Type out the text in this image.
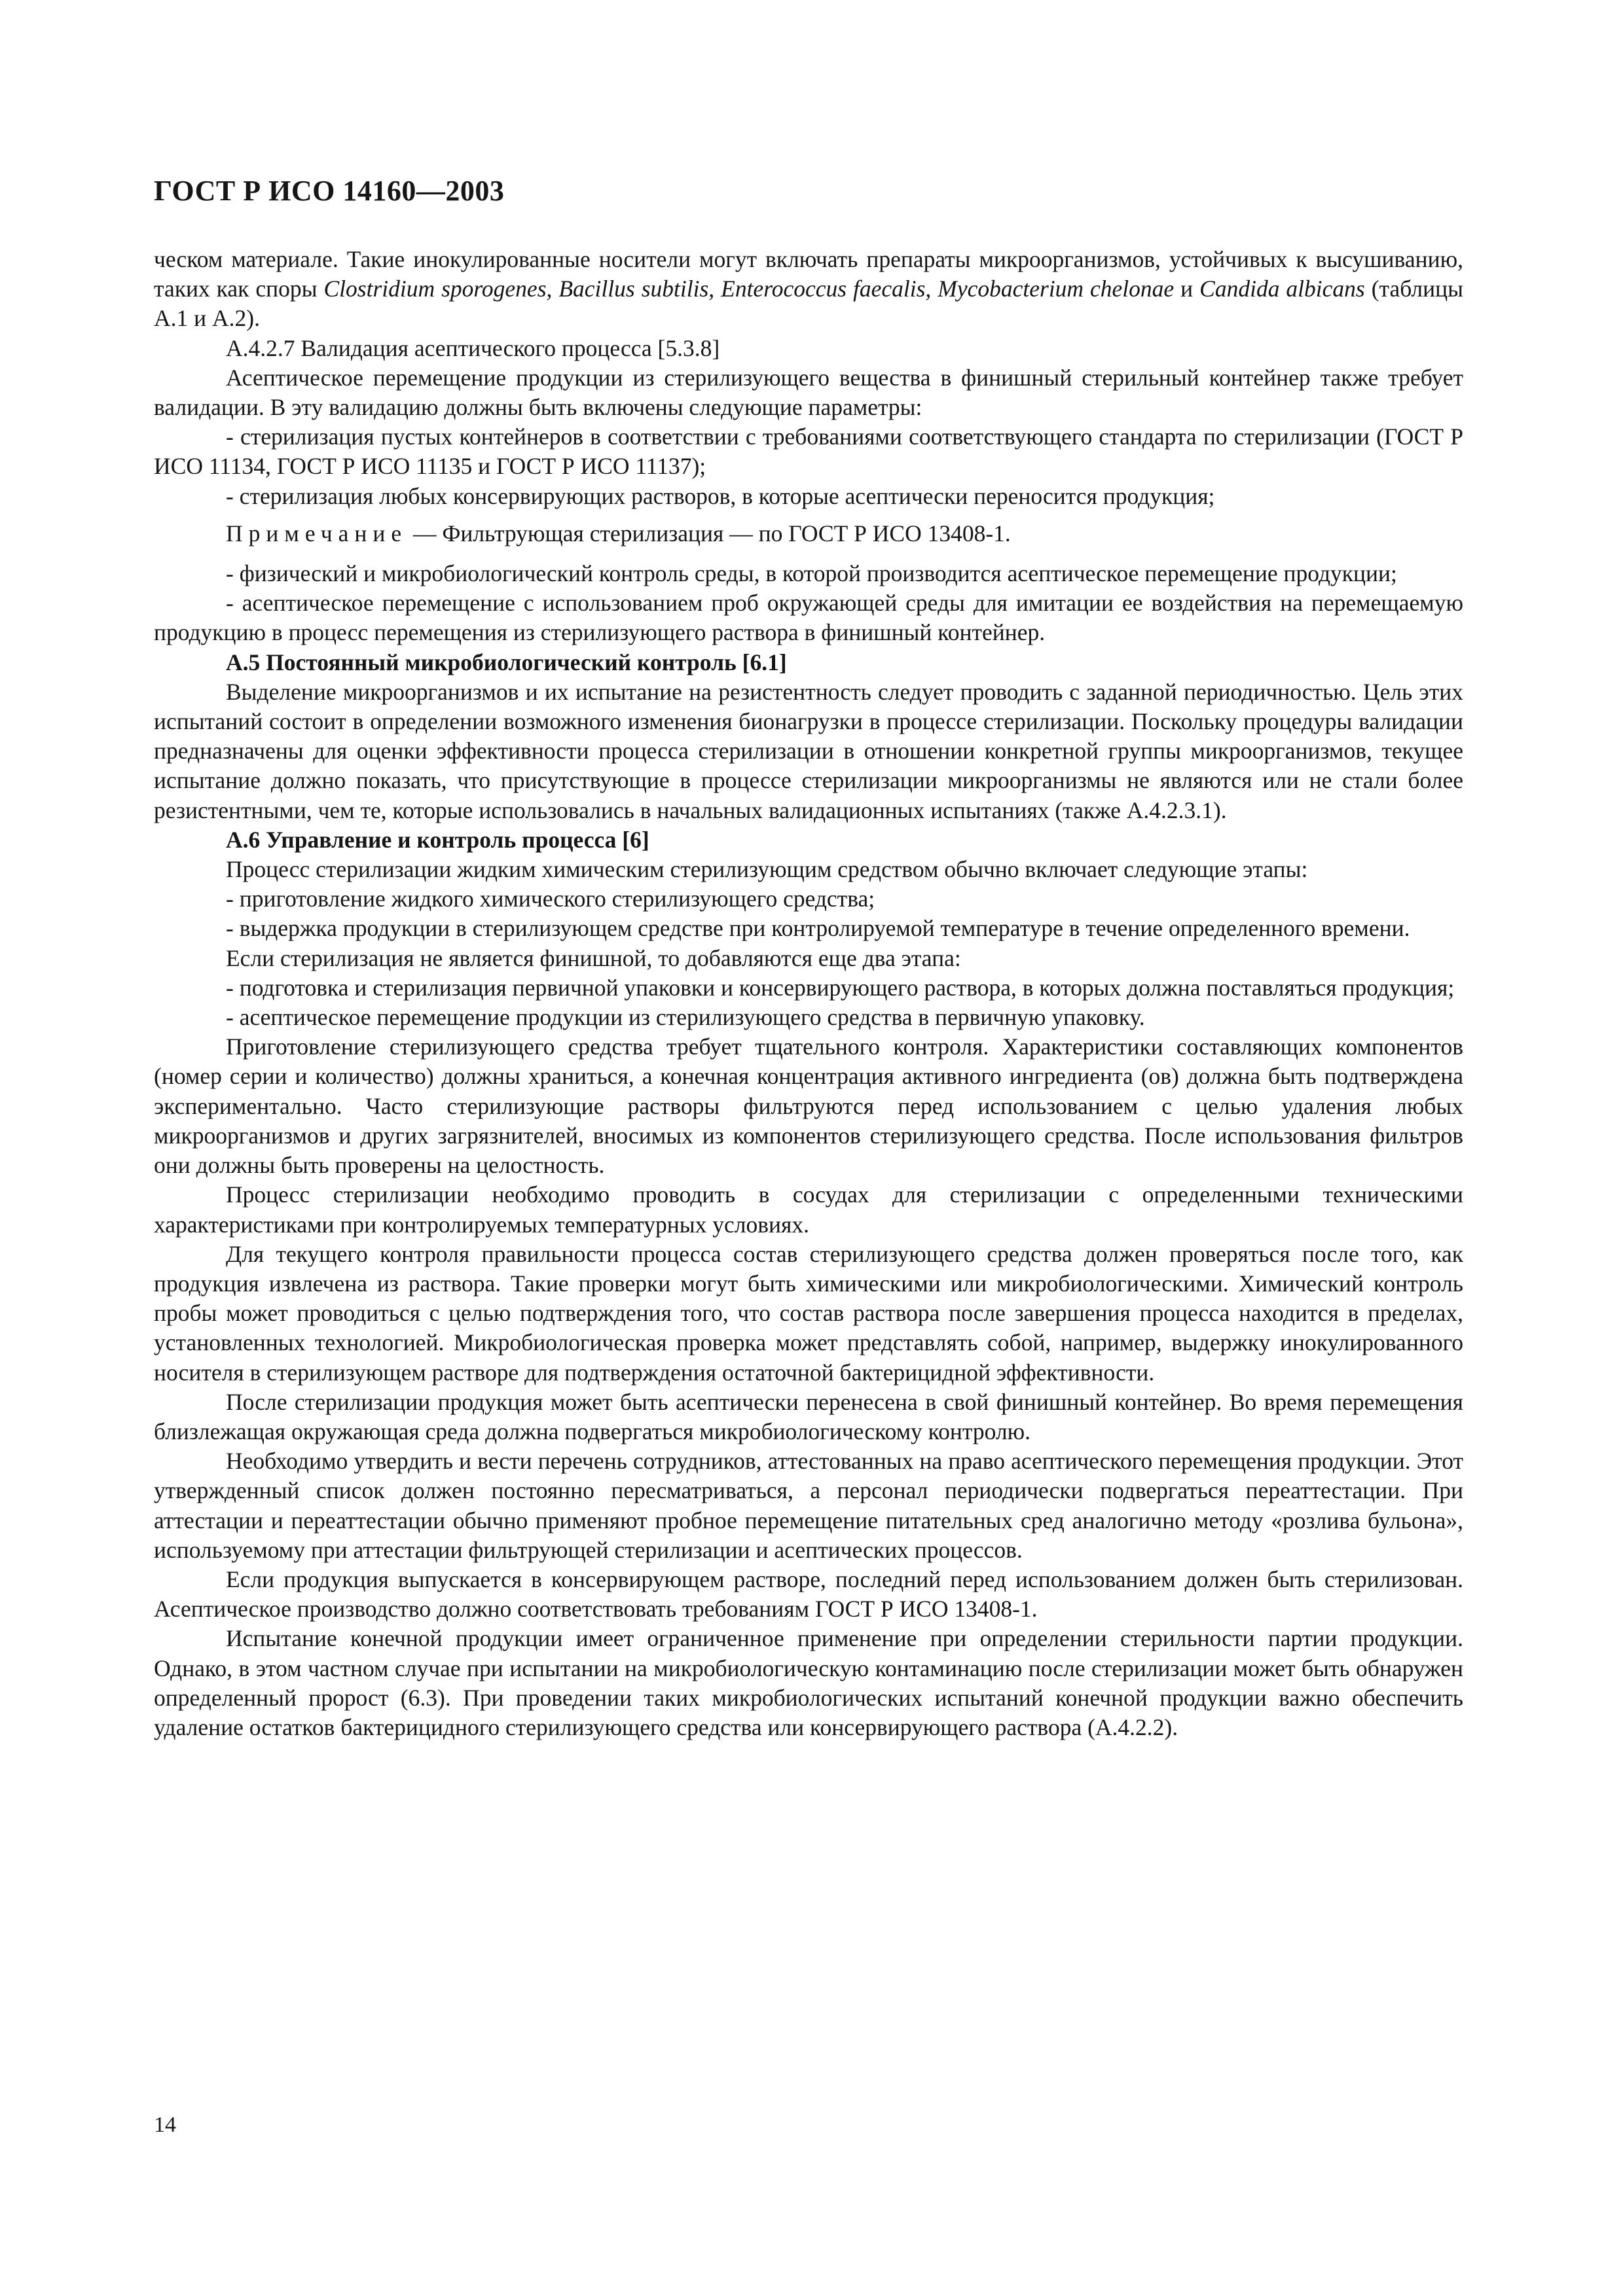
ГОСТ Р ИСО 14160—2003

ческом материале. Такие инокулированные носители могут включать препараты микроорганизмов, устойчивых к высушиванию, таких как споры Clostridium sporogenes, Bacillus subtilis, Enterococcus faecalis, Mycobacterium chelonae и Candida albicans (таблицы А.1 и А.2).

А.4.2.7 Валидация асептического процесса [5.3.8]

Асептическое перемещение продукции из стерилизующего вещества в финишный стерильный контейнер также требует валидации. В эту валидацию должны быть включены следующие параметры:

- стерилизация пустых контейнеров в соответствии с требованиями соответствующего стандарта по стерилизации (ГОСТ Р ИСО 11134, ГОСТ Р ИСО 11135 и ГОСТ Р ИСО 11137);

- стерилизация любых консервирующих растворов, в которые асептически переносится продукция;

Примечание — Фильтрующая стерилизация — по ГОСТ Р ИСО 13408-1.

- физический и микробиологический контроль среды, в которой производится асептическое перемещение продукции;

- асептическое перемещение с использованием проб окружающей среды для имитации ее воздействия на перемещаемую продукцию в процесс перемещения из стерилизующего раствора в финишный контейнер.

А.5 Постоянный микробиологический контроль [6.1]

Выделение микроорганизмов и их испытание на резистентность следует проводить с заданной периодичностью. Цель этих испытаний состоит в определении возможного изменения бионагрузки в процессе стерилизации. Поскольку процедуры валидации предназначены для оценки эффективности процесса стерилизации в отношении конкретной группы микроорганизмов, текущее испытание должно показать, что присутствующие в процессе стерилизации микроорганизмы не являются или не стали более резистентными, чем те, которые использовались в начальных валидационных испытаниях (также А.4.2.3.1).

А.6 Управление и контроль процесса [6]

Процесс стерилизации жидким химическим стерилизующим средством обычно включает следующие этапы:

- приготовление жидкого химического стерилизующего средства;

- выдержка продукции в стерилизующем средстве при контролируемой температуре в течение определенного времени.

Если стерилизация не является финишной, то добавляются еще два этапа:

- подготовка и стерилизация первичной упаковки и консервирующего раствора, в которых должна поставляться продукция;

- асептическое перемещение продукции из стерилизующего средства в первичную упаковку.

Приготовление стерилизующего средства требует тщательного контроля. Характеристики составляющих компонентов (номер серии и количество) должны храниться, а конечная концентрация активного ингредиента (ов) должна быть подтверждена экспериментально. Часто стерилизующие растворы фильтруются перед использованием с целью удаления любых микроорганизмов и других загрязнителей, вносимых из компонентов стерилизующего средства. После использования фильтров они должны быть проверены на целостность.

Процесс стерилизации необходимо проводить в сосудах для стерилизации с определенными техническими характеристиками при контролируемых температурных условиях.

Для текущего контроля правильности процесса состав стерилизующего средства должен проверяться после того, как продукция извлечена из раствора. Такие проверки могут быть химическими или микробиологическими. Химический контроль пробы может проводиться с целью подтверждения того, что состав раствора после завершения процесса находится в пределах, установленных технологией. Микробиологическая проверка может представлять собой, например, выдержку инокулированного носителя в стерилизующем растворе для подтверждения остаточной бактерицидной эффективности.

После стерилизации продукция может быть асептически перенесена в свой финишный контейнер. Во время перемещения близлежащая окружающая среда должна подвергаться микробиологическому контролю.

Необходимо утвердить и вести перечень сотрудников, аттестованных на право асептического перемещения продукции. Этот утвержденный список должен постоянно пересматриваться, а персонал периодически подвергаться переаттестации. При аттестации и переаттестации обычно применяют пробное перемещение питательных сред аналогично методу «розлива бульона», используемому при аттестации фильтрующей стерилизации и асептических процессов.

Если продукция выпускается в консервирующем растворе, последний перед использованием должен быть стерилизован. Асептическое производство должно соответствовать требованиям ГОСТ Р ИСО 13408-1.

Испытание конечной продукции имеет ограниченное применение при определении стерильности партии продукции. Однако, в этом частном случае при испытании на микробиологическую контаминацию после стерилизации может быть обнаружен определенный пророст (6.3). При проведении таких микробиологических испытаний конечной продукции важно обеспечить удаление остатков бактерицидного стерилизующего средства или консервирующего раствора (А.4.2.2).

14
